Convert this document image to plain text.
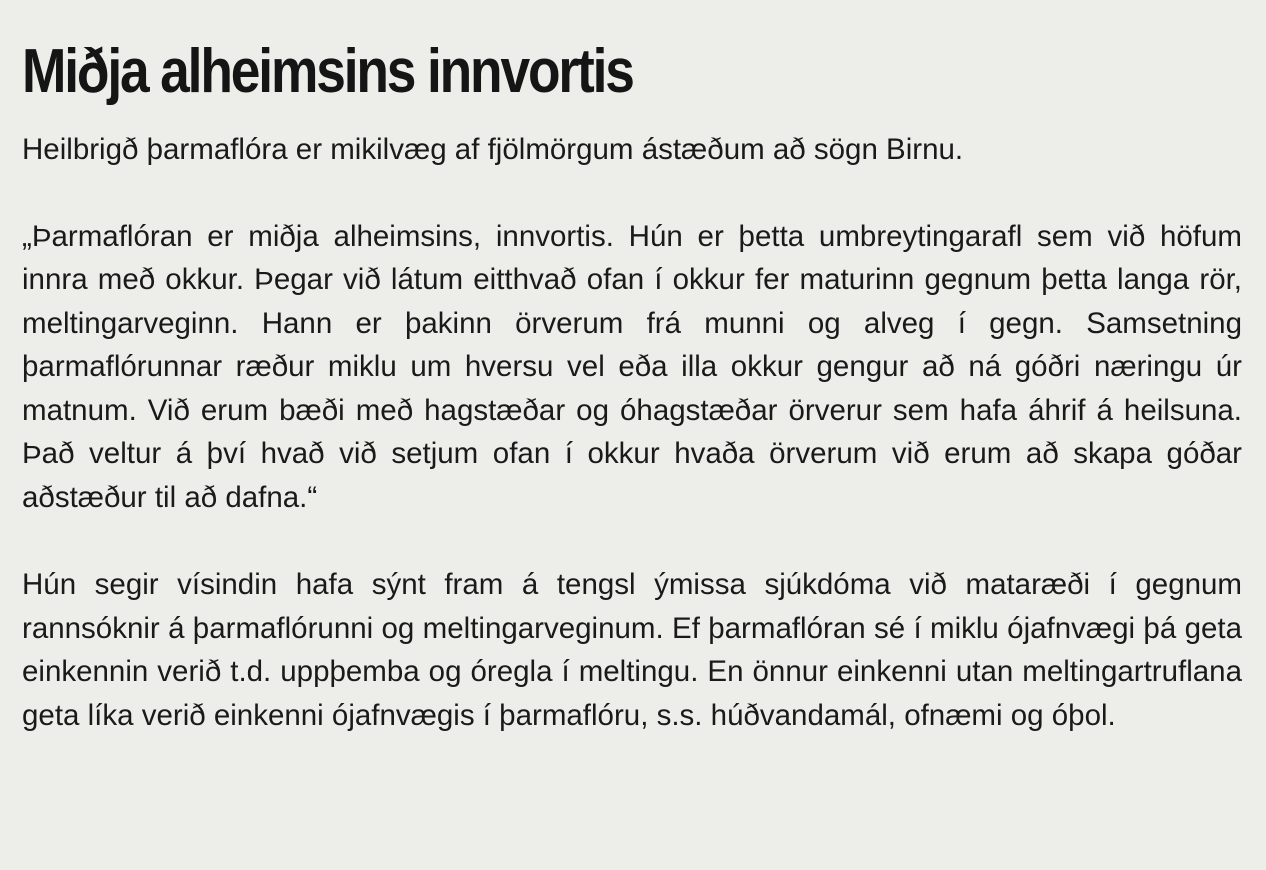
Miðja alheimsins innvortis

Heilbrigð þarmaflóra er mikilvæg af fjölmörgum ástæðum að sögn Birnu.

„Þarmaflóran er miðja alheimsins, innvortis. Hún er þetta umbreytingarafl sem við höfum innra með okkur. Þegar við látum eitthvað ofan í okkur fer maturinn gegnum þetta langa rör, meltingarveginn. Hann er þakinn örverum frá munni og alveg í gegn. Samsetning þarmaflórunnar ræður miklu um hversu vel eða illa okkur gengur að ná góðri næringu úr matnum. Við erum bæði með hagstæðar og óhagstæðar örverur sem hafa áhrif á heilsuna. Það veltur á því hvað við setjum ofan í okkur hvaða örverum við erum að skapa góðar aðstæður til að dafna.“

Hún segir vísindin hafa sýnt fram á tengsl ýmissa sjúkdóma við mataræði í gegnum rannsóknir á þarmaflórunni og meltingarveginum. Ef þarmaflóran sé í miklu ójafnvægi þá geta einkennin verið t.d. uppþemba og óregla í meltingu. En önnur einkenni utan meltingartruflana geta líka verið einkenni ójafnvægis í þarmaflóru, s.s. húðvandamál, ofnæmi og óþol.
